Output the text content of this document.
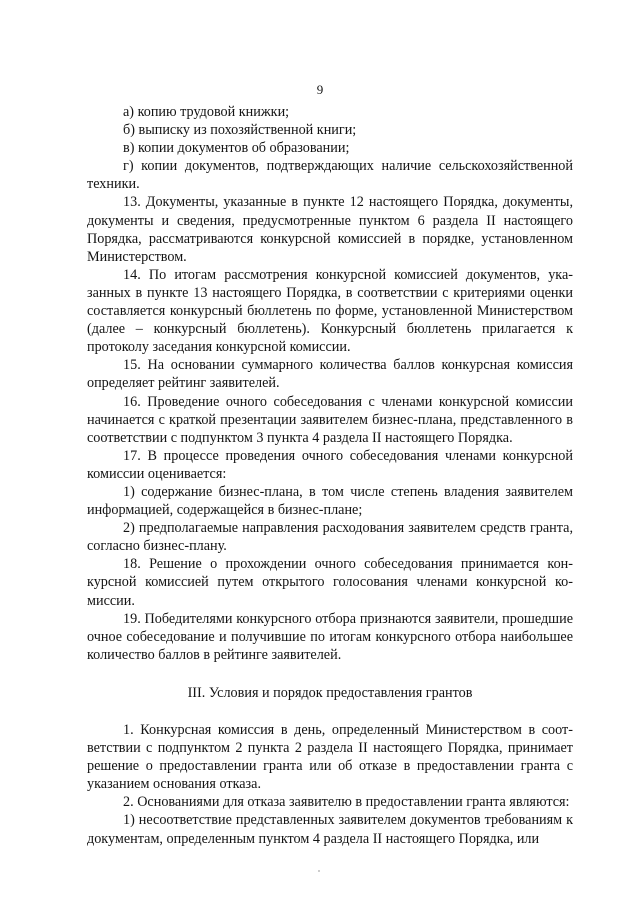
9

а) копию трудовой книжки;

б) выписку из похозяйственной книги;

в) копии документов об образовании;

г) копии документов, подтверждающих наличие сельскохозяйственной техники.

13. Документы, указанные в пункте 12 настоящего Порядка, документы, документы и сведения, предусмотренные пунктом 6 раздела II настоящего Порядка, рассматриваются конкурсной комиссией в порядке, установленном Министерством.

14. По итогам рассмотрения конкурсной комиссией документов, указанных в пункте 13 настоящего Порядка, в соответствии с критериями оценки составляется конкурсный бюллетень по форме, установленной Министерством (далее – конкурсный бюллетень). Конкурсный бюллетень прилагается к протоколу заседания конкурсной комиссии.

15. На основании суммарного количества баллов конкурсная комиссия определяет рейтинг заявителей.

16. Проведение очного собеседования с членами конкурсной комиссии начинается с краткой презентации заявителем бизнес-плана, представленного в соответствии с подпунктом 3 пункта 4 раздела II настоящего Порядка.

17. В процессе проведения очного собеседования членами конкурсной комиссии оценивается:

1) содержание бизнес-плана, в том числе степень владения заявителем информацией, содержащейся в бизнес-плане;

2) предполагаемые направления расходования заявителем средств гранта, согласно бизнес-плану.

18. Решение о прохождении очного собеседования принимается конкурсной комиссией путем открытого голосования членами конкурсной комиссии.

19. Победителями конкурсного отбора признаются заявители, прошедшие очное собеседование и получившие по итогам конкурсного отбора наибольшее количество баллов в рейтинге заявителей.

III. Условия и порядок предоставления грантов

1. Конкурсная комиссия в день, определенный Министерством в соответствии с подпунктом 2 пункта 2 раздела II настоящего Порядка, принимает решение о предоставлении гранта или об отказе в предоставлении гранта с указанием основания отказа.

2. Основаниями для отказа заявителю в предоставлении гранта являются:

1) несоответствие представленных заявителем документов требованиям к документам, определенным пунктом 4 раздела II настоящего Порядка, или
